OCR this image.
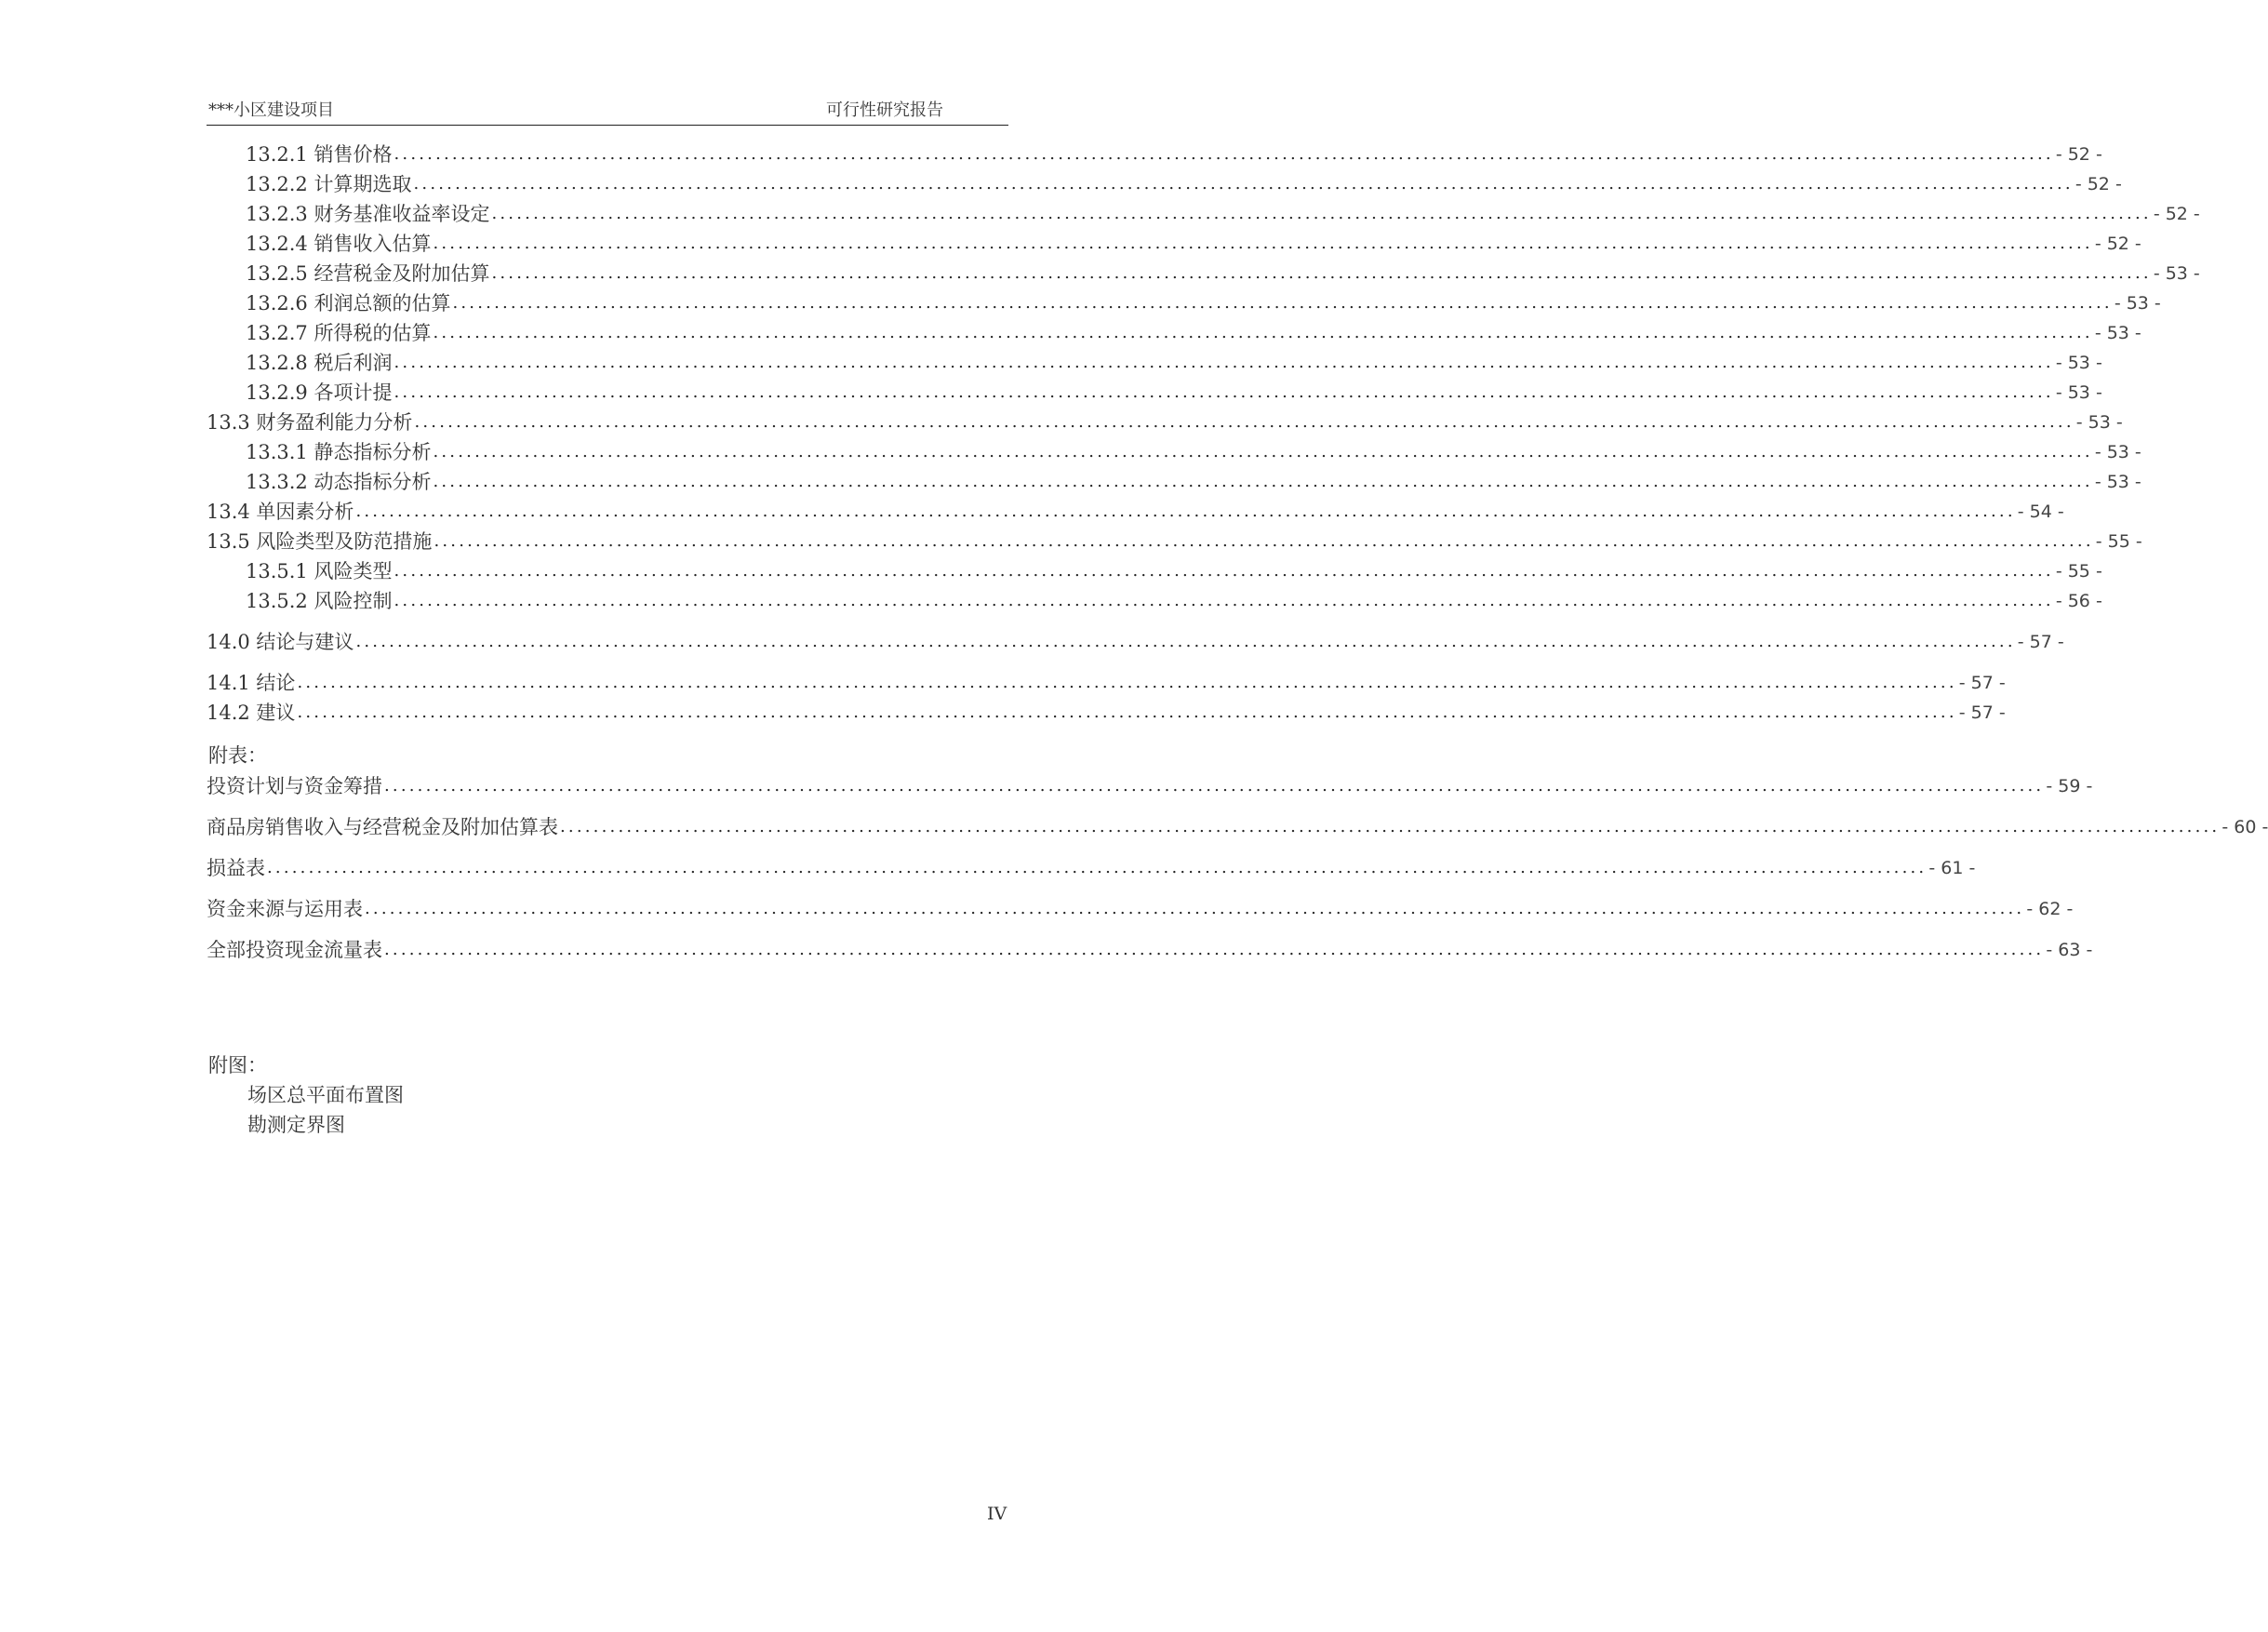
***小区建设项目	可行性研究报告
13.2.1 销售价格 ........................................................................................................................................................................................................ - 52 -
13.2.2 计算期选取 ........................................................................................................................................................................................................ - 52 -
13.2.3 财务基准收益率设定 ........................................................................................................................................................................................................ - 52 -
13.2.4 销售收入估算 ........................................................................................................................................................................................................ - 52 -
13.2.5 经营税金及附加估算 ........................................................................................................................................................................................................ - 53 -
13.2.6 利润总额的估算 ........................................................................................................................................................................................................ - 53 -
13.2.7 所得税的估算 ........................................................................................................................................................................................................ - 53 -
13.2.8 税后利润 ........................................................................................................................................................................................................ - 53 -
13.2.9 各项计提 ........................................................................................................................................................................................................ - 53 -
13.3 财务盈利能力分析 ........................................................................................................................................................................................................ - 53 -
13.3.1 静态指标分析 ........................................................................................................................................................................................................ - 53 -
13.3.2 动态指标分析 ........................................................................................................................................................................................................ - 53 -
13.4 单因素分析 ........................................................................................................................................................................................................ - 54 -
13.5 风险类型及防范措施 ........................................................................................................................................................................................................ - 55 -
13.5.1 风险类型 ........................................................................................................................................................................................................ - 55 -
13.5.2 风险控制 ........................................................................................................................................................................................................ - 56 -
14.0 结论与建议 ........................................................................................................................................................................................................ - 57 -
14.1 结论 ........................................................................................................................................................................................................ - 57 -
14.2 建议 ........................................................................................................................................................................................................ - 57 -
投资计划与资金筹措 ........................................................................................................................................................................................................ - 59 -
商品房销售收入与经营税金及附加估算表 ........................................................................................................................................................................................................ - 60 -
损益表 ........................................................................................................................................................................................................ - 61 -
资金来源与运用表 ........................................................................................................................................................................................................ - 62 -
全部投资现金流量表 ........................................................................................................................................................................................................ - 63 -
附表：
附图：
场区总平面布置图
勘测定界图
IV
